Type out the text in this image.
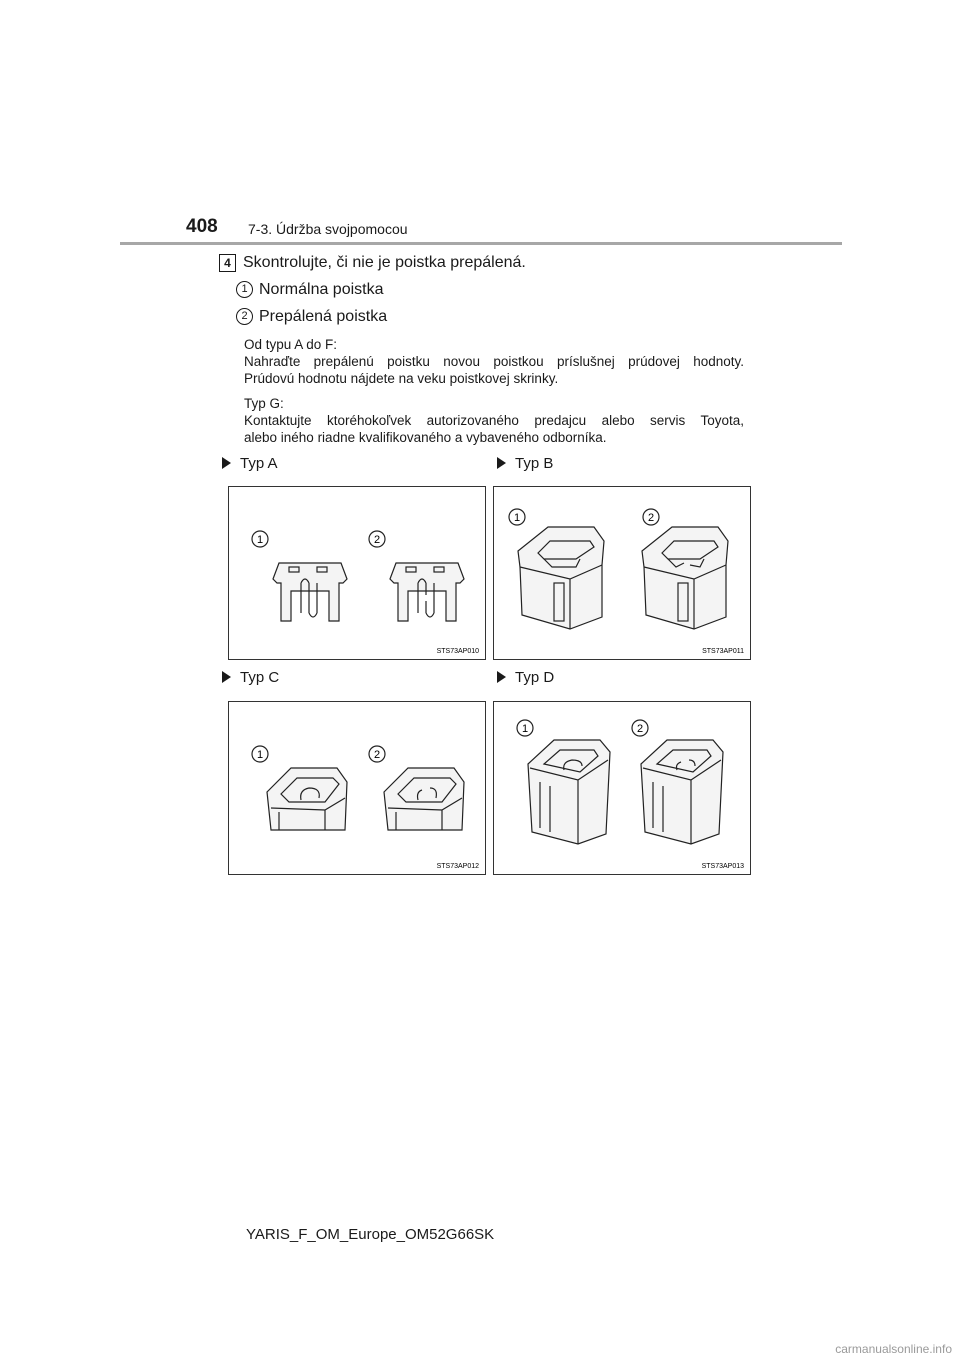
408 7-3. Údržba svojpomocou
4 Skontrolujte, či nie je poistka prepálená.
1 Normálna poistka
2 Prepálená poistka

Od typu A do F:

Nahraďte prepálenú poistku novou poistkou príslušnej prúdovej hodnoty.

Prúdovú hodnotu nájdete na veku poistkovej skrinky.

Typ G:

Kontaktujte ktoréhokoľvek autorizovaného predajcu alebo servis Toyota,

alebo iného riadne kvalifikovaného a vybaveného odborníka.

Typ A	Typ B
Typ C	Typ D
1	2
STS73AP010
1	2
STS73AP011
1	2
STS73AP012
1	2
STS73AP013
YARIS_F_OM_Europe_OM52G66SK
carmanualsonline.info
